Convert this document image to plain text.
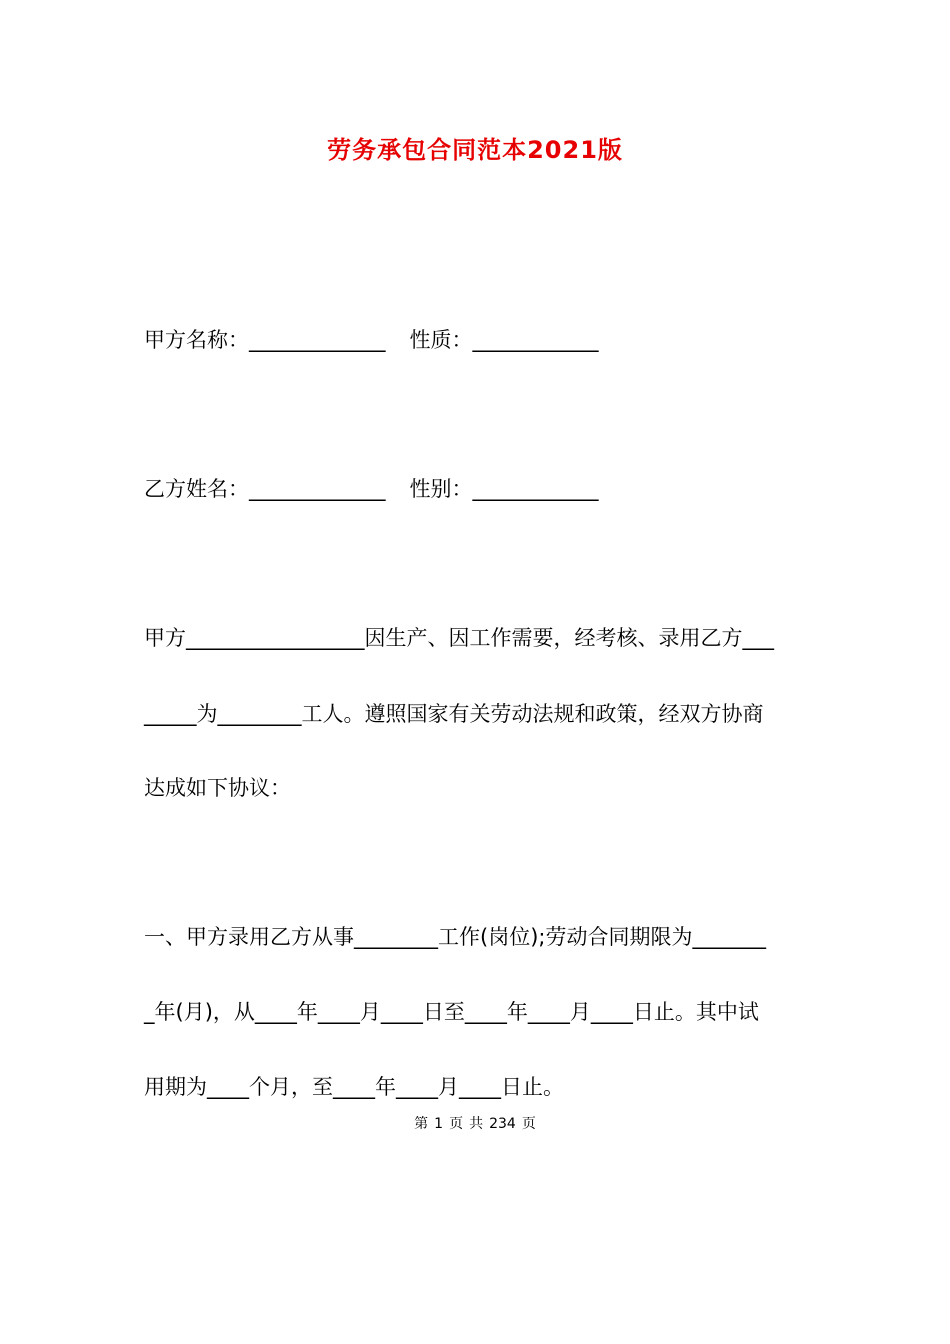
劳务承包合同范本2021版
甲方名称：_____________ 性质：____________
乙方姓名：_____________ 性别：____________
甲方_________________因生产、因工作需要，经考核、录用乙方___
_____为________工人。遵照国家有关劳动法规和政策，经双方协商
达成如下协议：
一、甲方录用乙方从事________工作(岗位);劳动合同期限为_______
_年(月)，从____年____月____日至____年____月____日止。其中试
用期为____个月，至____年____月____日止。
第 1 页 共 234 页
